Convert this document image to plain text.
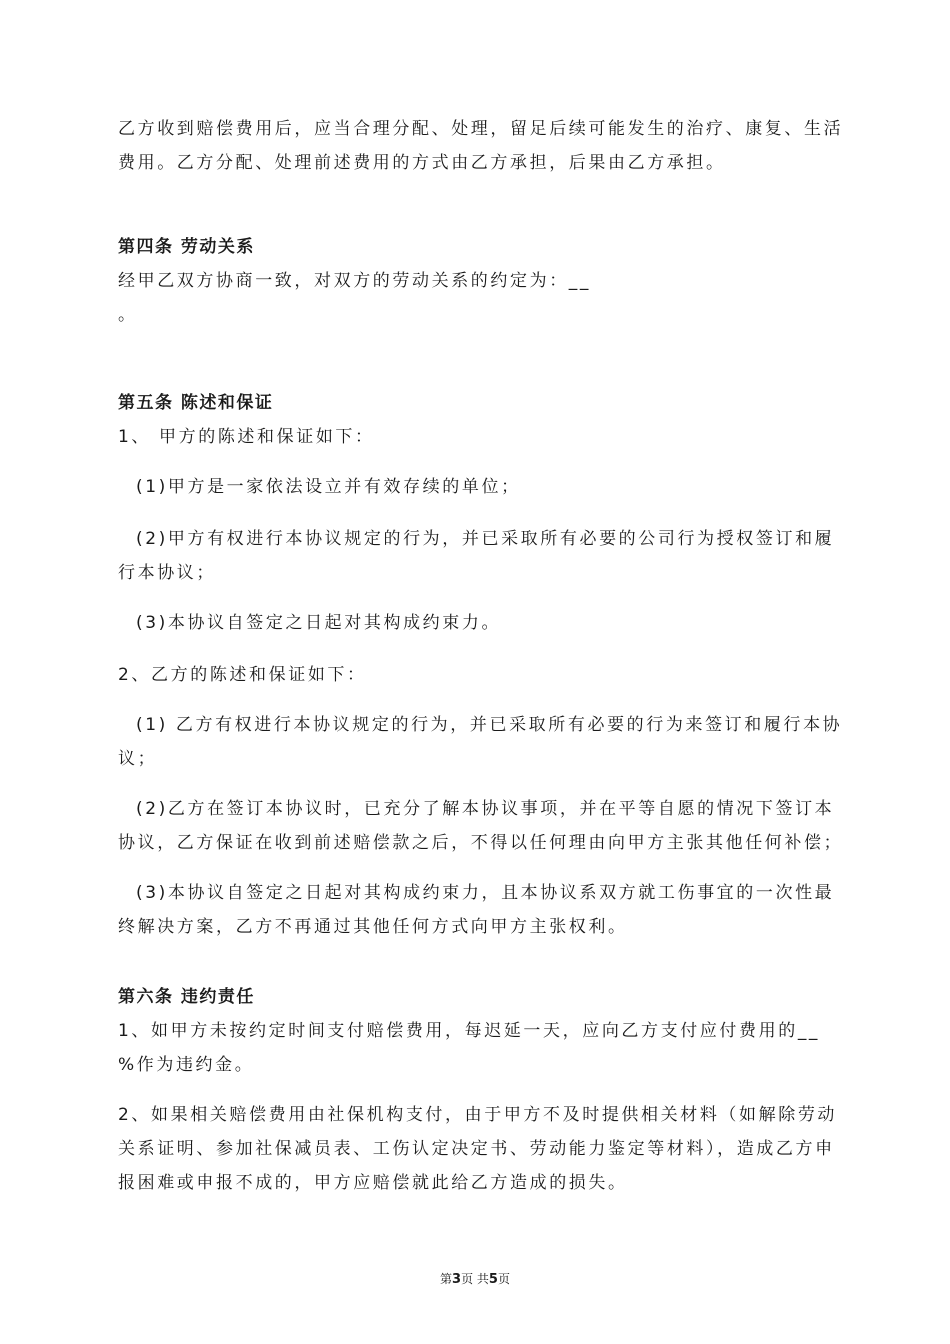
乙方收到赔偿费用后，应当合理分配、处理，留足后续可能发生的治疗、康复、生活
费用。乙方分配、处理前述费用的方式由乙方承担，后果由乙方承担。
第四条 劳动关系
经甲乙双方协商一致，对双方的劳动关系的约定为：__
。
第五条 陈述和保证
1、 甲方的陈述和保证如下：
(1)甲方是一家依法设立并有效存续的单位；
(2)甲方有权进行本协议规定的行为，并已采取所有必要的公司行为授权签订和履
行本协议；
(3)本协议自签定之日起对其构成约束力。
2、乙方的陈述和保证如下：
(1) 乙方有权进行本协议规定的行为，并已采取所有必要的行为来签订和履行本协
议；
(2)乙方在签订本协议时，已充分了解本协议事项，并在平等自愿的情况下签订本
协议，乙方保证在收到前述赔偿款之后，不得以任何理由向甲方主张其他任何补偿；
(3)本协议自签定之日起对其构成约束力，且本协议系双方就工伤事宜的一次性最
终解决方案，乙方不再通过其他任何方式向甲方主张权利。
第六条 违约责任
1、如甲方未按约定时间支付赔偿费用，每迟延一天，应向乙方支付应付费用的__
%作为违约金。
2、如果相关赔偿费用由社保机构支付，由于甲方不及时提供相关材料（如解除劳动
关系证明、参加社保减员表、工伤认定决定书、劳动能力鉴定等材料），造成乙方申
报困难或申报不成的，甲方应赔偿就此给乙方造成的损失。
第3页 共5页
